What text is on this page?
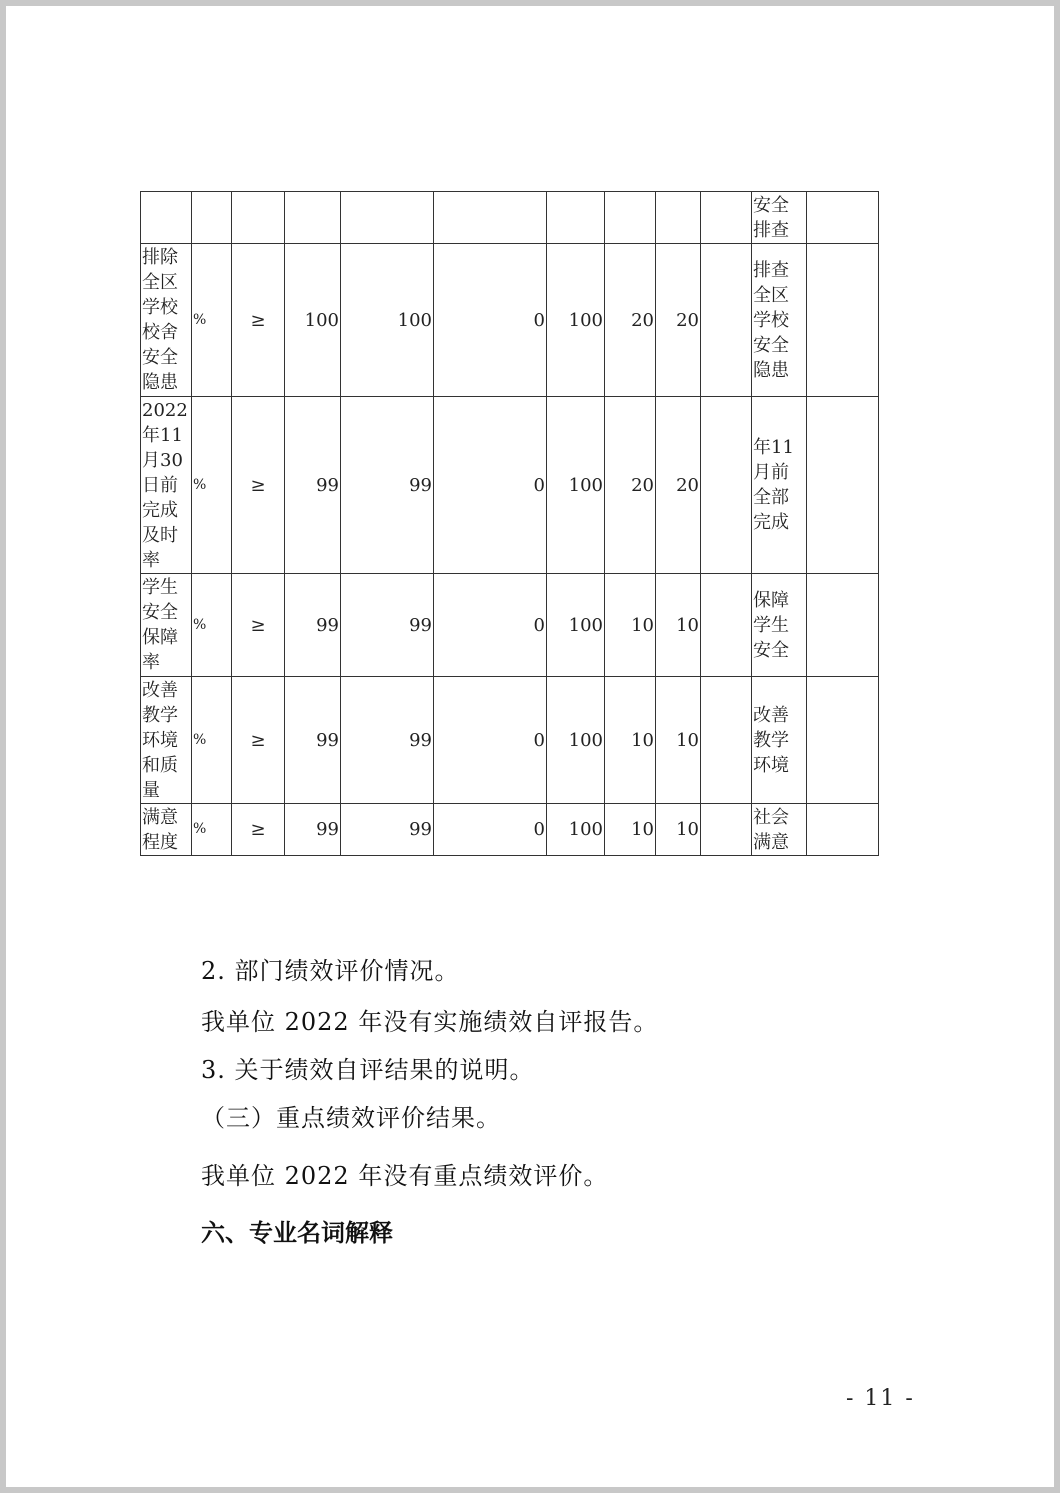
										安全排查	
排除全区学校校舍安全隐患	%	≥	100	100	0	100	20	20		排查全区学校安全隐患	
2022年11月30日前完成及时率	%	≥	99	99	0	100	20	20		年11月前全部完成	
学生安全保障率	%	≥	99	99	0	100	10	10		保障学生安全	
改善教学环境和质量	%	≥	99	99	0	100	10	10		改善教学环境	
满意程度	%	≥	99	99	0	100	10	10		社会满意	
2. 部门绩效评价情况。
我单位 2022 年没有实施绩效自评报告。
3. 关于绩效自评结果的说明。
（三）重点绩效评价结果。
我单位 2022 年没有重点绩效评价。
六、专业名词解释
- 11 -
